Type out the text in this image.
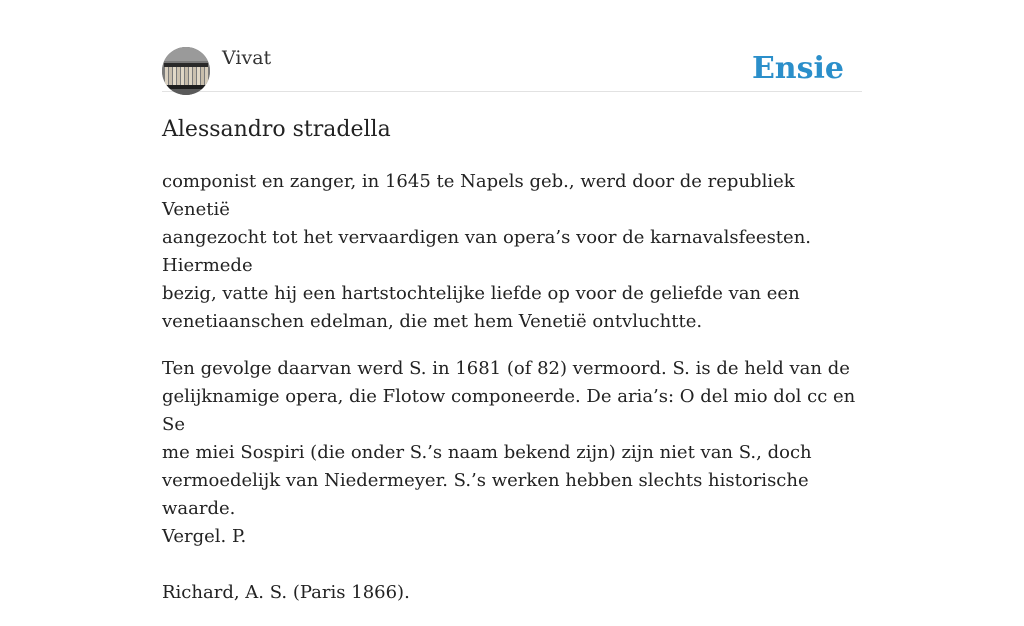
Vivat	Ensie
Alessandro stradella

componist en zanger, in 1645 te Napels geb., werd door de republiek Venetië
aangezocht tot het vervaardigen van opera’s voor de karnavalsfeesten. Hiermede
bezig, vatte hij een hartstochtelijke liefde op voor de geliefde van een
venetiaanschen edelman, die met hem Venetië ontvluchtte.

Ten gevolge daarvan werd S. in 1681 (of 82) vermoord. S. is de held van de
gelijknamige opera, die Flotow componeerde. De aria’s: O del mio dol cc en Se
me miei Sospiri (die onder S.’s naam bekend zijn) zijn niet van S., doch
vermoedelijk van Niedermeyer. S.’s werken hebben slechts historische waarde.
Vergel. P.

Richard, A. S. (Paris 1866).
